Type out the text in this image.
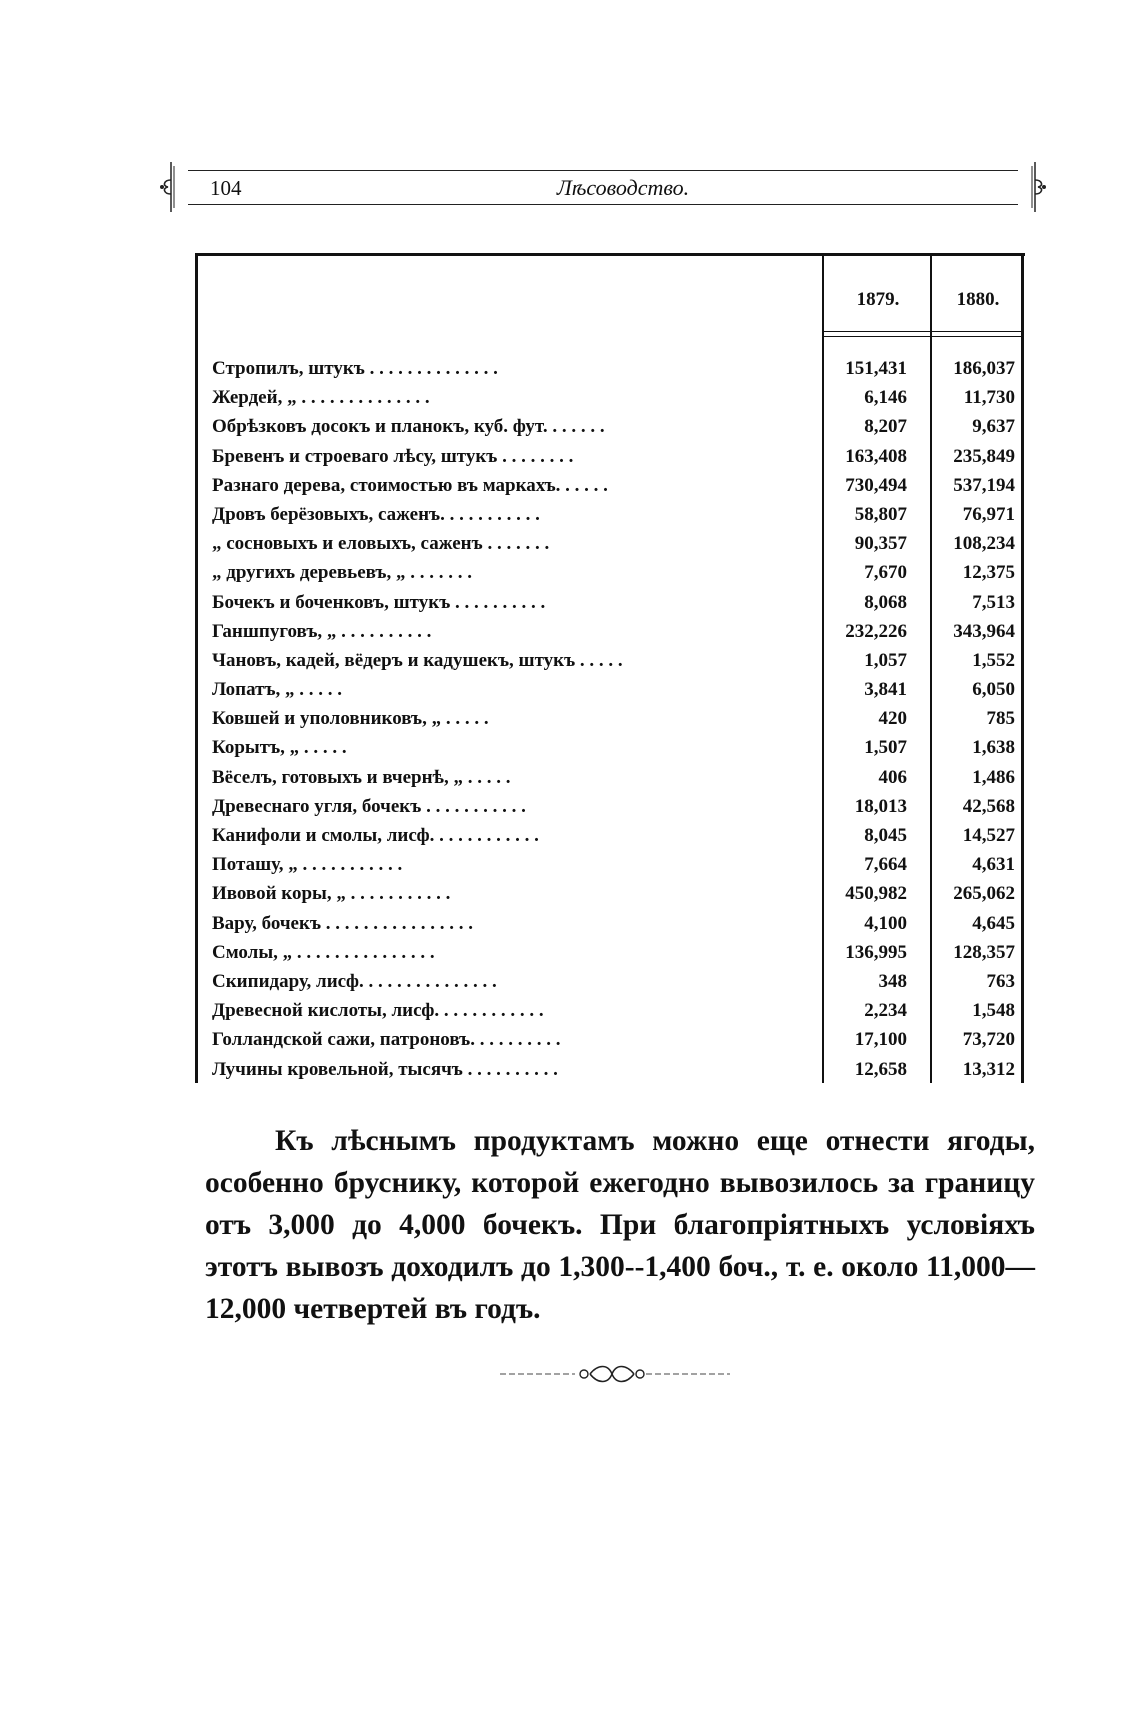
104	Лѣсоводство.
1879.	1880.
Стропилъ, штукъ . . . . . . . . . . . . . .	151,431	186,037
Жердей, „ . . . . . . . . . . . . . .	6,146	11,730
Обрѣзковъ досокъ и планокъ, куб. фут. . . . . . .	8,207	9,637
Бревенъ и строеваго лѣсу, штукъ . . . . . . . .	163,408	235,849
Разнаго дерева, стоимостью въ маркахъ. . . . . .	730,494	537,194
Дровъ берёзовыхъ, саженъ. . . . . . . . . . .	58,807	76,971
„ сосновыхъ и еловыхъ, саженъ . . . . . . .	90,357	108,234
„ другихъ деревьевъ, „ . . . . . . .	7,670	12,375
Бочекъ и боченковъ, штукъ . . . . . . . . . .	8,068	7,513
Ганшпуговъ, „ . . . . . . . . . .	232,226	343,964
Чановъ, кадей, вёдеръ и кадушекъ, штукъ . . . . .	1,057	1,552
Лопатъ, „ . . . . .	3,841	6,050
Ковшей и уполовниковъ, „ . . . . .	420	785
Корытъ, „ . . . . .	1,507	1,638
Вёселъ, готовыхъ и вчернѣ, „ . . . . .	406	1,486
Древеснаго угля, бочекъ . . . . . . . . . . .	18,013	42,568
Канифоли и смолы, лисф. . . . . . . . . . . .	8,045	14,527
Поташу, „ . . . . . . . . . . .	7,664	4,631
Ивовой коры, „ . . . . . . . . . . .	450,982	265,062
Вару, бочекъ . . . . . . . . . . . . . . . .	4,100	4,645
Смолы, „ . . . . . . . . . . . . . . .	136,995	128,357
Скипидару, лисф. . . . . . . . . . . . . . .	348	763
Древесной кислоты, лисф. . . . . . . . . . . .	2,234	1,548
Голландской сажи, патроновъ. . . . . . . . . .	17,100	73,720
Лучины кровельной, тысячъ . . . . . . . . . .	12,658	13,312
Къ лѣснымъ продуктамъ можно еще отнести ягоды, особенно бруснику, которой ежегодно вывозилось за границу отъ 3,000 до 4,000 бочекъ. При благопріятныхъ условіяхъ этотъ вывозъ доходилъ до 1,300--1,400 боч., т. е. около 11,000—12,000 четвертей въ годъ.
